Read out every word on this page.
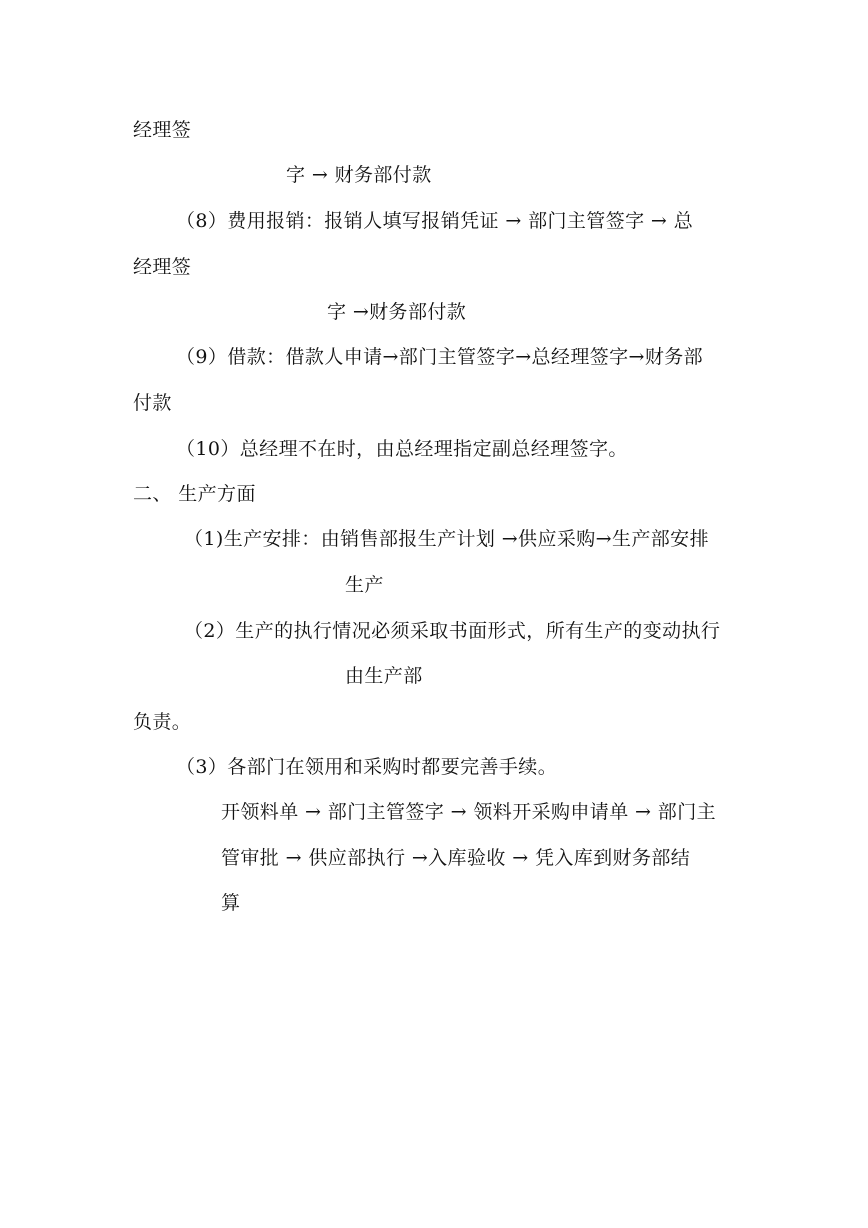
经理签
字 → 财务部付款
（8）费用报销：报销人填写报销凭证 → 部门主管签字 → 总
经理签
字 →财务部付款
（9）借款：借款人申请→部门主管签字→总经理签字→财务部
付款
（10）总经理不在时，由总经理指定副总经理签字。
二、 生产方面
（1)生产安排：由销售部报生产计划 →供应采购→生产部安排
生产
（2）生产的执行情况必须采取书面形式，所有生产的变动执行
由生产部
负责。
（3）各部门在领用和采购时都要完善手续。
开领料单 → 部门主管签字 → 领料开采购申请单 → 部门主
管审批 → 供应部执行 →入库验收 → 凭入库到财务部结
算
